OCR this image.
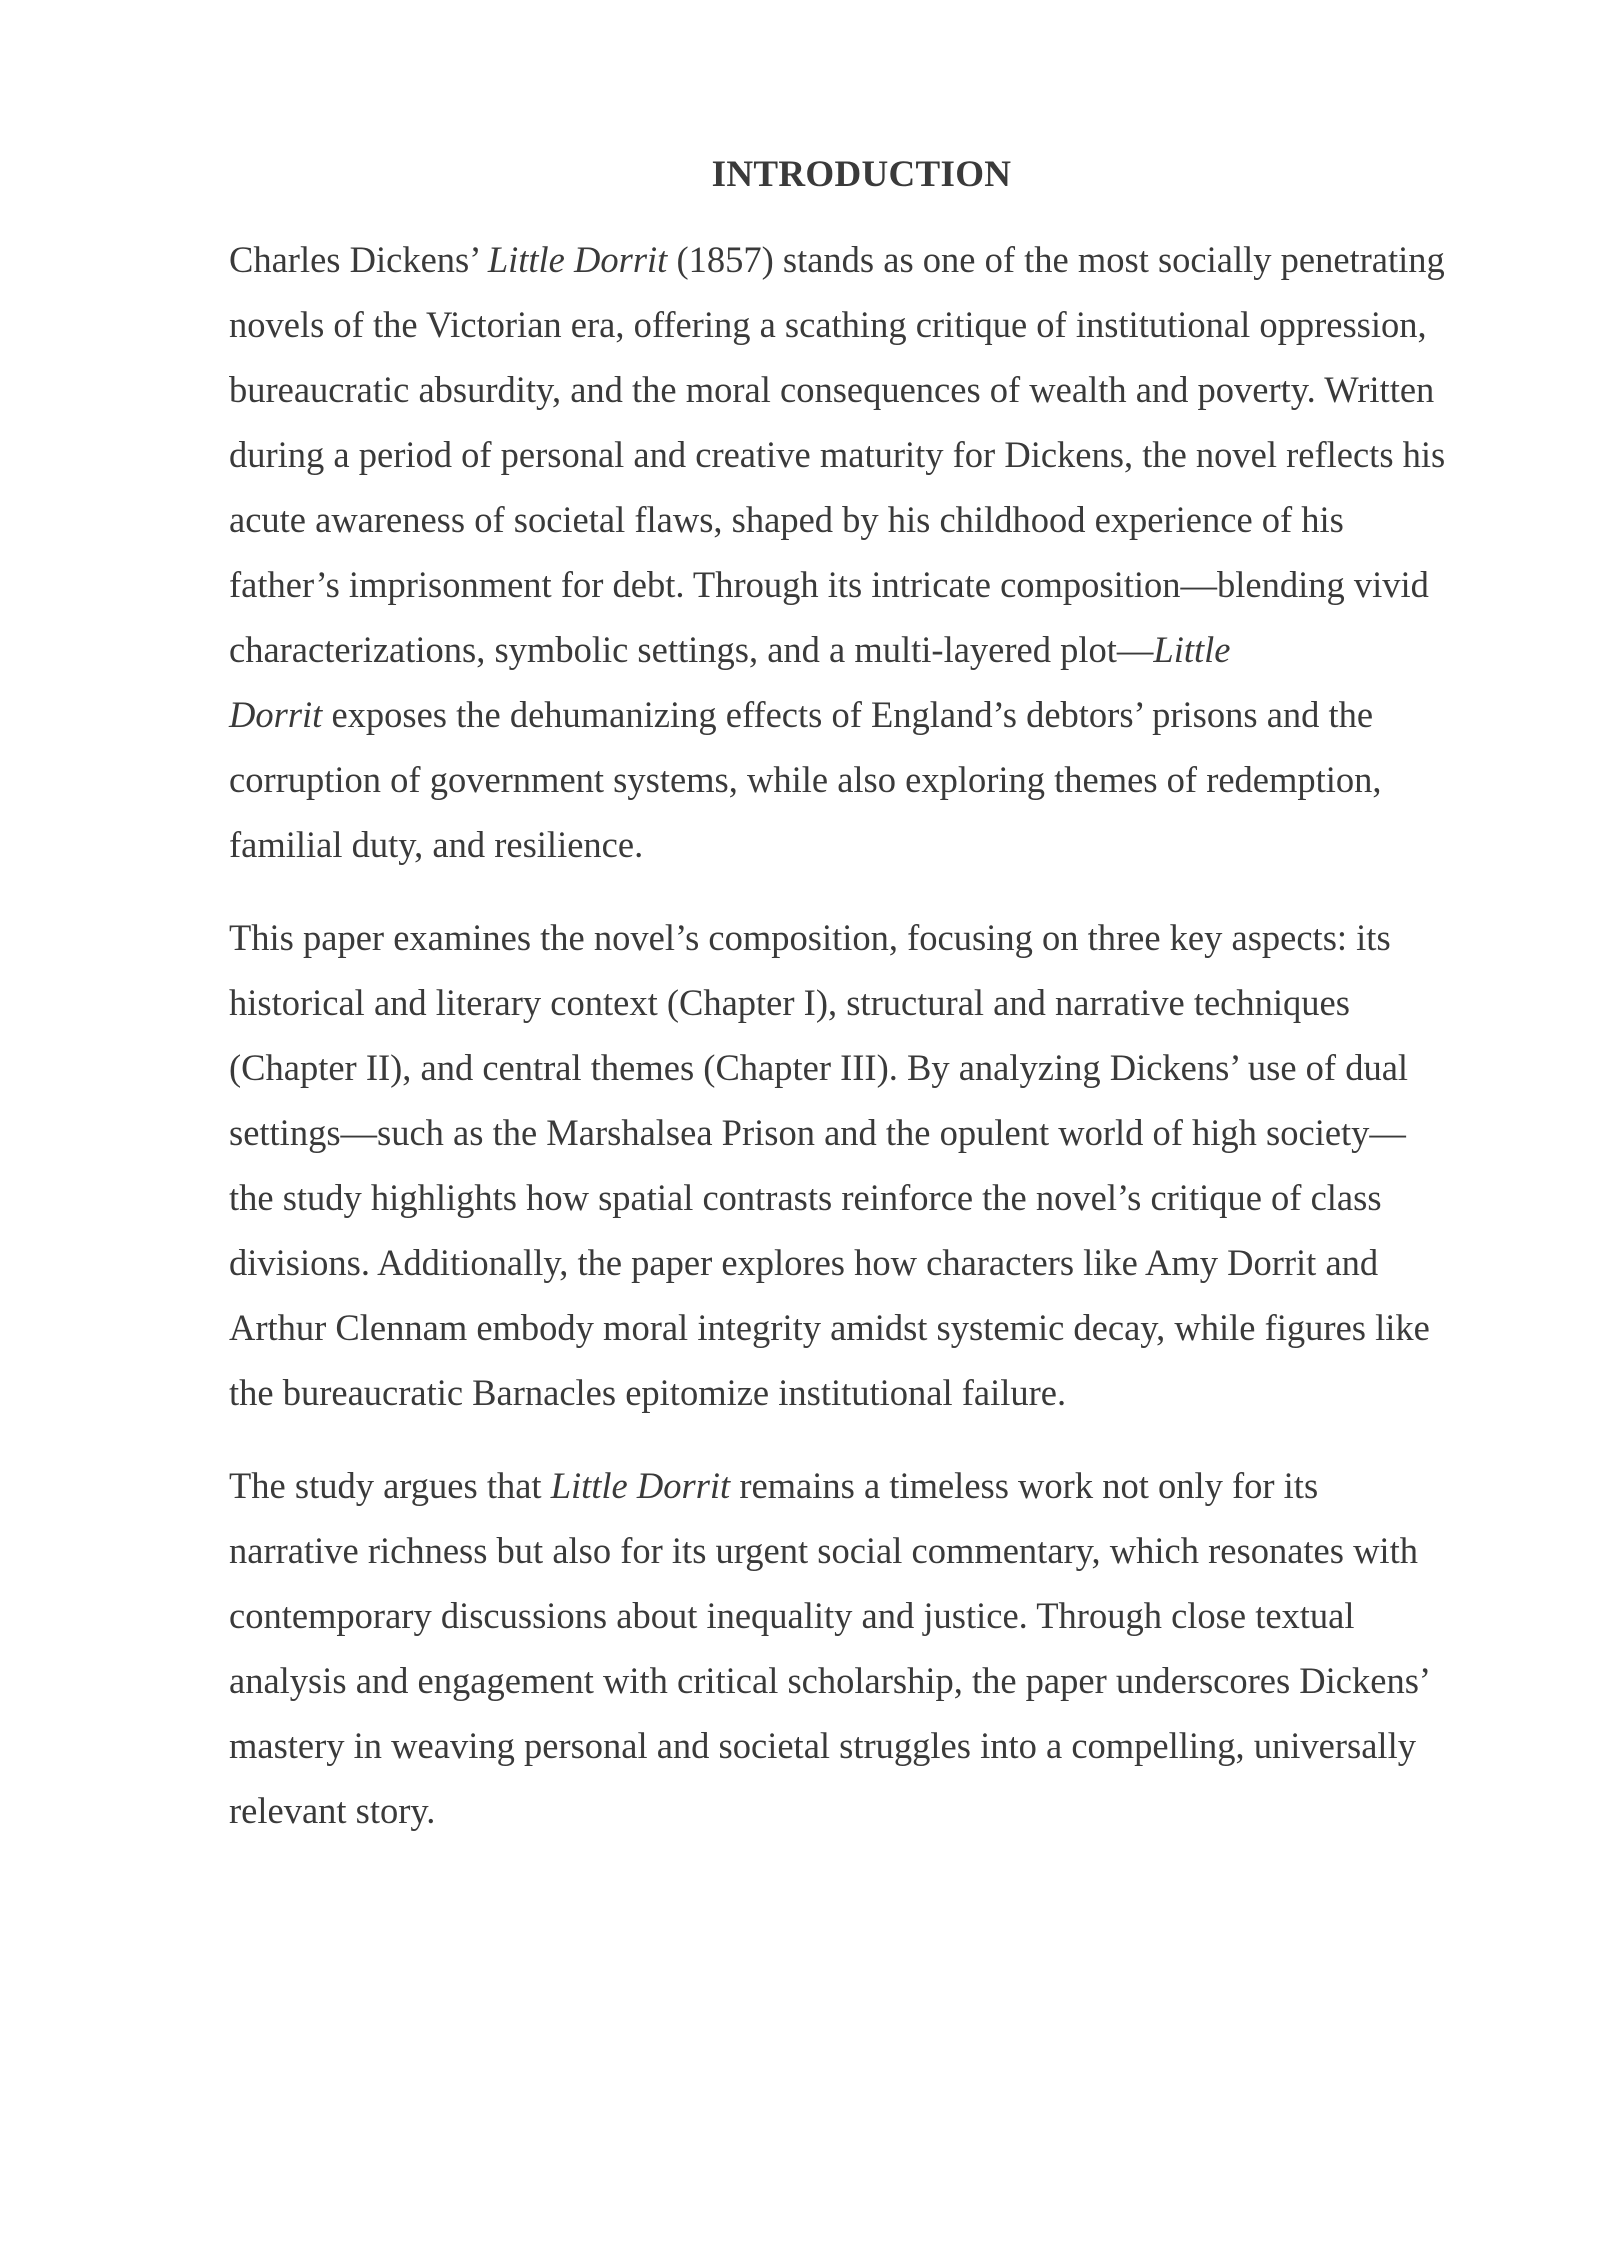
INTRODUCTION

Charles Dickens’ Little Dorrit (1857) stands as one of the most socially penetrating
novels of the Victorian era, offering a scathing critique of institutional oppression,
bureaucratic absurdity, and the moral consequences of wealth and poverty. Written
during a period of personal and creative maturity for Dickens, the novel reflects his
acute awareness of societal flaws, shaped by his childhood experience of his
father’s imprisonment for debt. Through its intricate composition—blending vivid
characterizations, symbolic settings, and a multi-layered plot—Little
Dorrit exposes the dehumanizing effects of England’s debtors’ prisons and the
corruption of government systems, while also exploring themes of redemption,
familial duty, and resilience.

This paper examines the novel’s composition, focusing on three key aspects: its
historical and literary context (Chapter I), structural and narrative techniques
(Chapter II), and central themes (Chapter III). By analyzing Dickens’ use of dual
settings—such as the Marshalsea Prison and the opulent world of high society—
the study highlights how spatial contrasts reinforce the novel’s critique of class
divisions. Additionally, the paper explores how characters like Amy Dorrit and
Arthur Clennam embody moral integrity amidst systemic decay, while figures like
the bureaucratic Barnacles epitomize institutional failure.

The study argues that Little Dorrit remains a timeless work not only for its
narrative richness but also for its urgent social commentary, which resonates with
contemporary discussions about inequality and justice. Through close textual
analysis and engagement with critical scholarship, the paper underscores Dickens’
mastery in weaving personal and societal struggles into a compelling, universally
relevant story.
